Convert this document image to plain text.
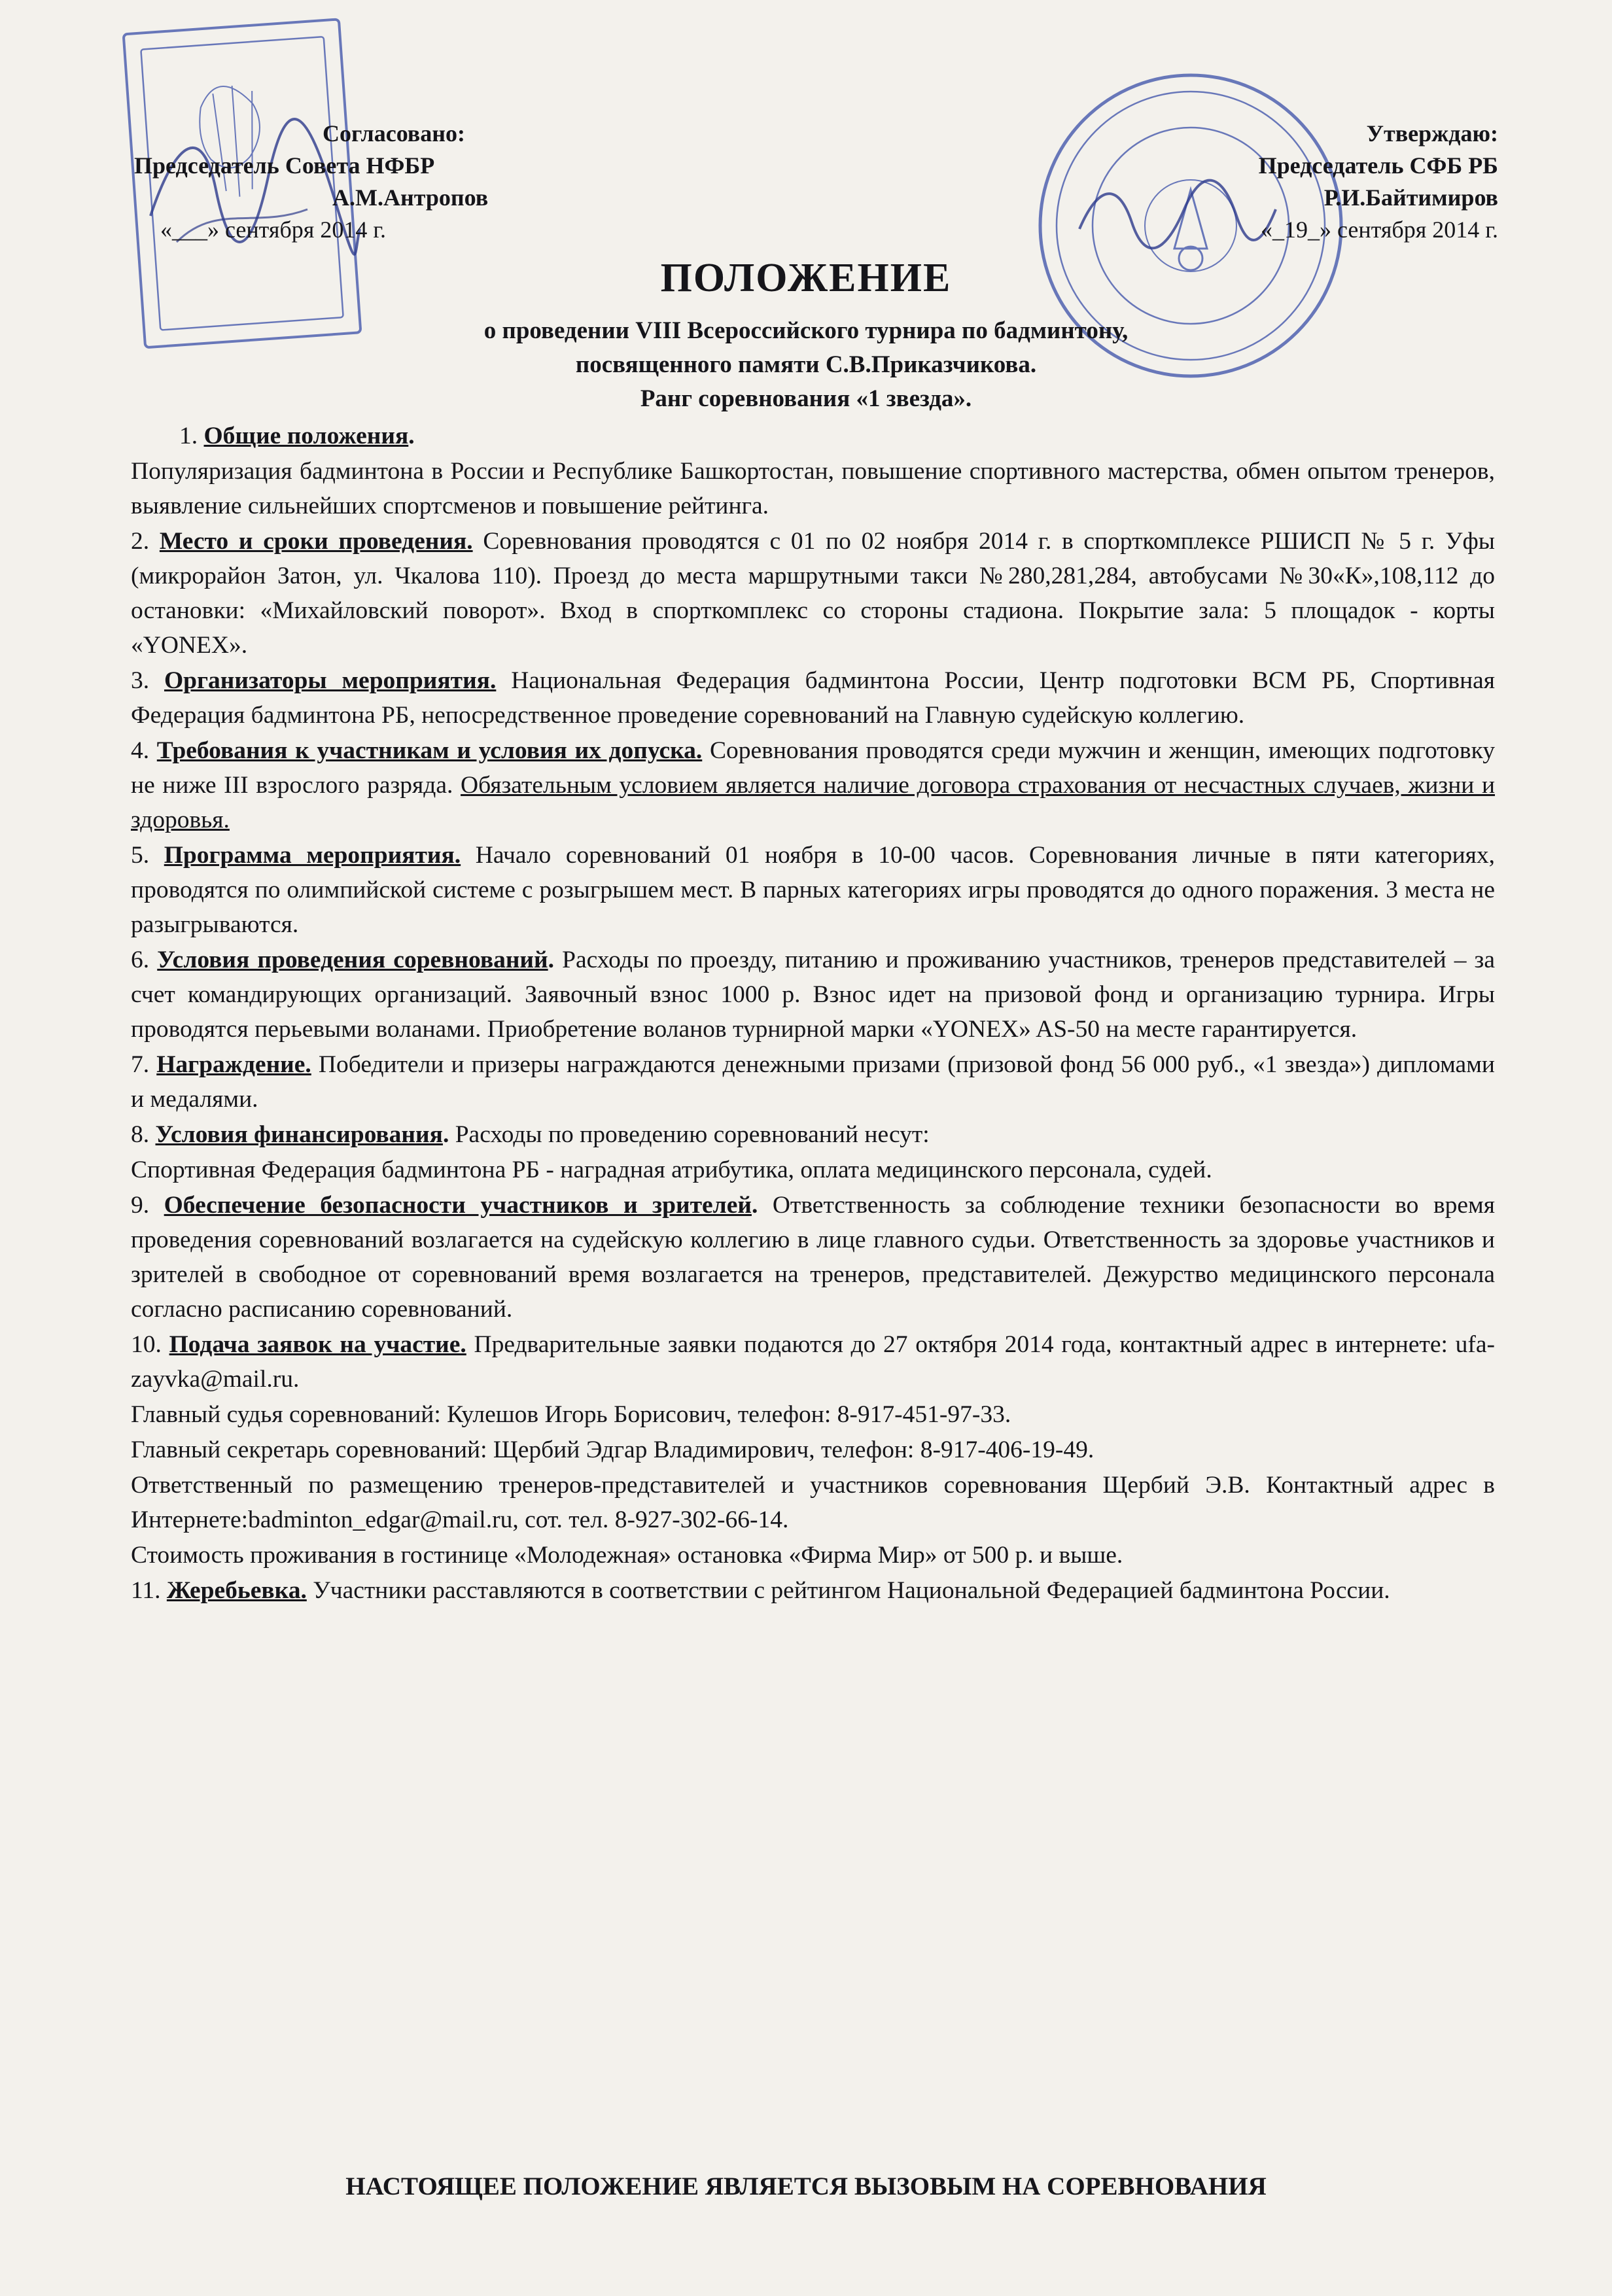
Согласовано:
Председатель Совета НФБР
А.М.Антропов
«___» сентября 2014 г.
Утверждаю:
Председатель СФБ РБ
Р.И.Байтимиров
«_19_» сентября 2014 г.
ПОЛОЖЕНИЕ
о проведении VIII Всероссийского турнира по бадминтону,
посвященного памяти С.В.Приказчикова.
Ранг соревнования «1 звезда».

1. Общие положения.

Популяризация бадминтона в России и Республике Башкортостан, повышение спортивного мастерства, обмен опытом тренеров, выявление сильнейших спортсменов и повышение рейтинга.

2. Место и сроки проведения. Соревнования проводятся с 01 по 02 ноября 2014 г. в спорткомплексе РШИСП № 5 г. Уфы (микрорайон Затон, ул. Чкалова 110). Проезд до места маршрутными такси №280,281,284, автобусами №30«К»,108,112 до остановки: «Михайловский поворот». Вход в спорткомплекс со стороны стадиона. Покрытие зала: 5 площадок - корты «YONEX».

3. Организаторы мероприятия. Национальная Федерация бадминтона России, Центр подготовки ВСМ РБ, Спортивная Федерация бадминтона РБ, непосредственное проведение соревнований на Главную судейскую коллегию.

4. Требования к участникам и условия их допуска. Соревнования проводятся среди мужчин и женщин, имеющих подготовку не ниже III взрослого разряда. Обязательным условием является наличие договора страхования от несчастных случаев, жизни и здоровья.

5. Программа мероприятия. Начало соревнований 01 ноября в 10-00 часов. Соревнования личные в пяти категориях, проводятся по олимпийской системе с розыгрышем мест. В парных категориях игры проводятся до одного поражения. 3 места не разыгрываются.

6. Условия проведения соревнований. Расходы по проезду, питанию и проживанию участников, тренеров представителей – за счет командирующих организаций. Заявочный взнос 1000 р. Взнос идет на призовой фонд и организацию турнира. Игры проводятся перьевыми воланами. Приобретение воланов турнирной марки «YONEX» AS-50 на месте гарантируется.

7. Награждение. Победители и призеры награждаются денежными призами (призовой фонд 56 000 руб., «1 звезда») дипломами и медалями.

8. Условия финансирования. Расходы по проведению соревнований несут:

Спортивная Федерация бадминтона РБ - наградная атрибутика, оплата медицинского персонала, судей.

9. Обеспечение безопасности участников и зрителей. Ответственность за соблюдение техники безопасности во время проведения соревнований возлагается на судейскую коллегию в лице главного судьи. Ответственность за здоровье участников и зрителей в свободное от соревнований время возлагается на тренеров, представителей. Дежурство медицинского персонала согласно расписанию соревнований.

10. Подача заявок на участие. Предварительные заявки подаются до 27 октября 2014 года, контактный адрес в интернете: ufa-zayvka@mail.ru.

Главный судья соревнований: Кулешов Игорь Борисович, телефон: 8-917-451-97-33.

Главный секретарь соревнований: Щербий Эдгар Владимирович, телефон: 8-917-406-19-49.

Ответственный по размещению тренеров-представителей и участников соревнования Щербий Э.В. Контактный адрес в Интернете:badminton_edgar@mail.ru, сот. тел. 8-927-302-66-14.

Стоимость проживания в гостинице «Молодежная» остановка «Фирма Мир» от 500 р. и выше.

11. Жеребьевка. Участники расставляются в соответствии с рейтингом Национальной Федерацией бадминтона России.

НАСТОЯЩЕЕ ПОЛОЖЕНИЕ ЯВЛЯЕТСЯ ВЫЗОВЫМ НА СОРЕВНОВАНИЯ
